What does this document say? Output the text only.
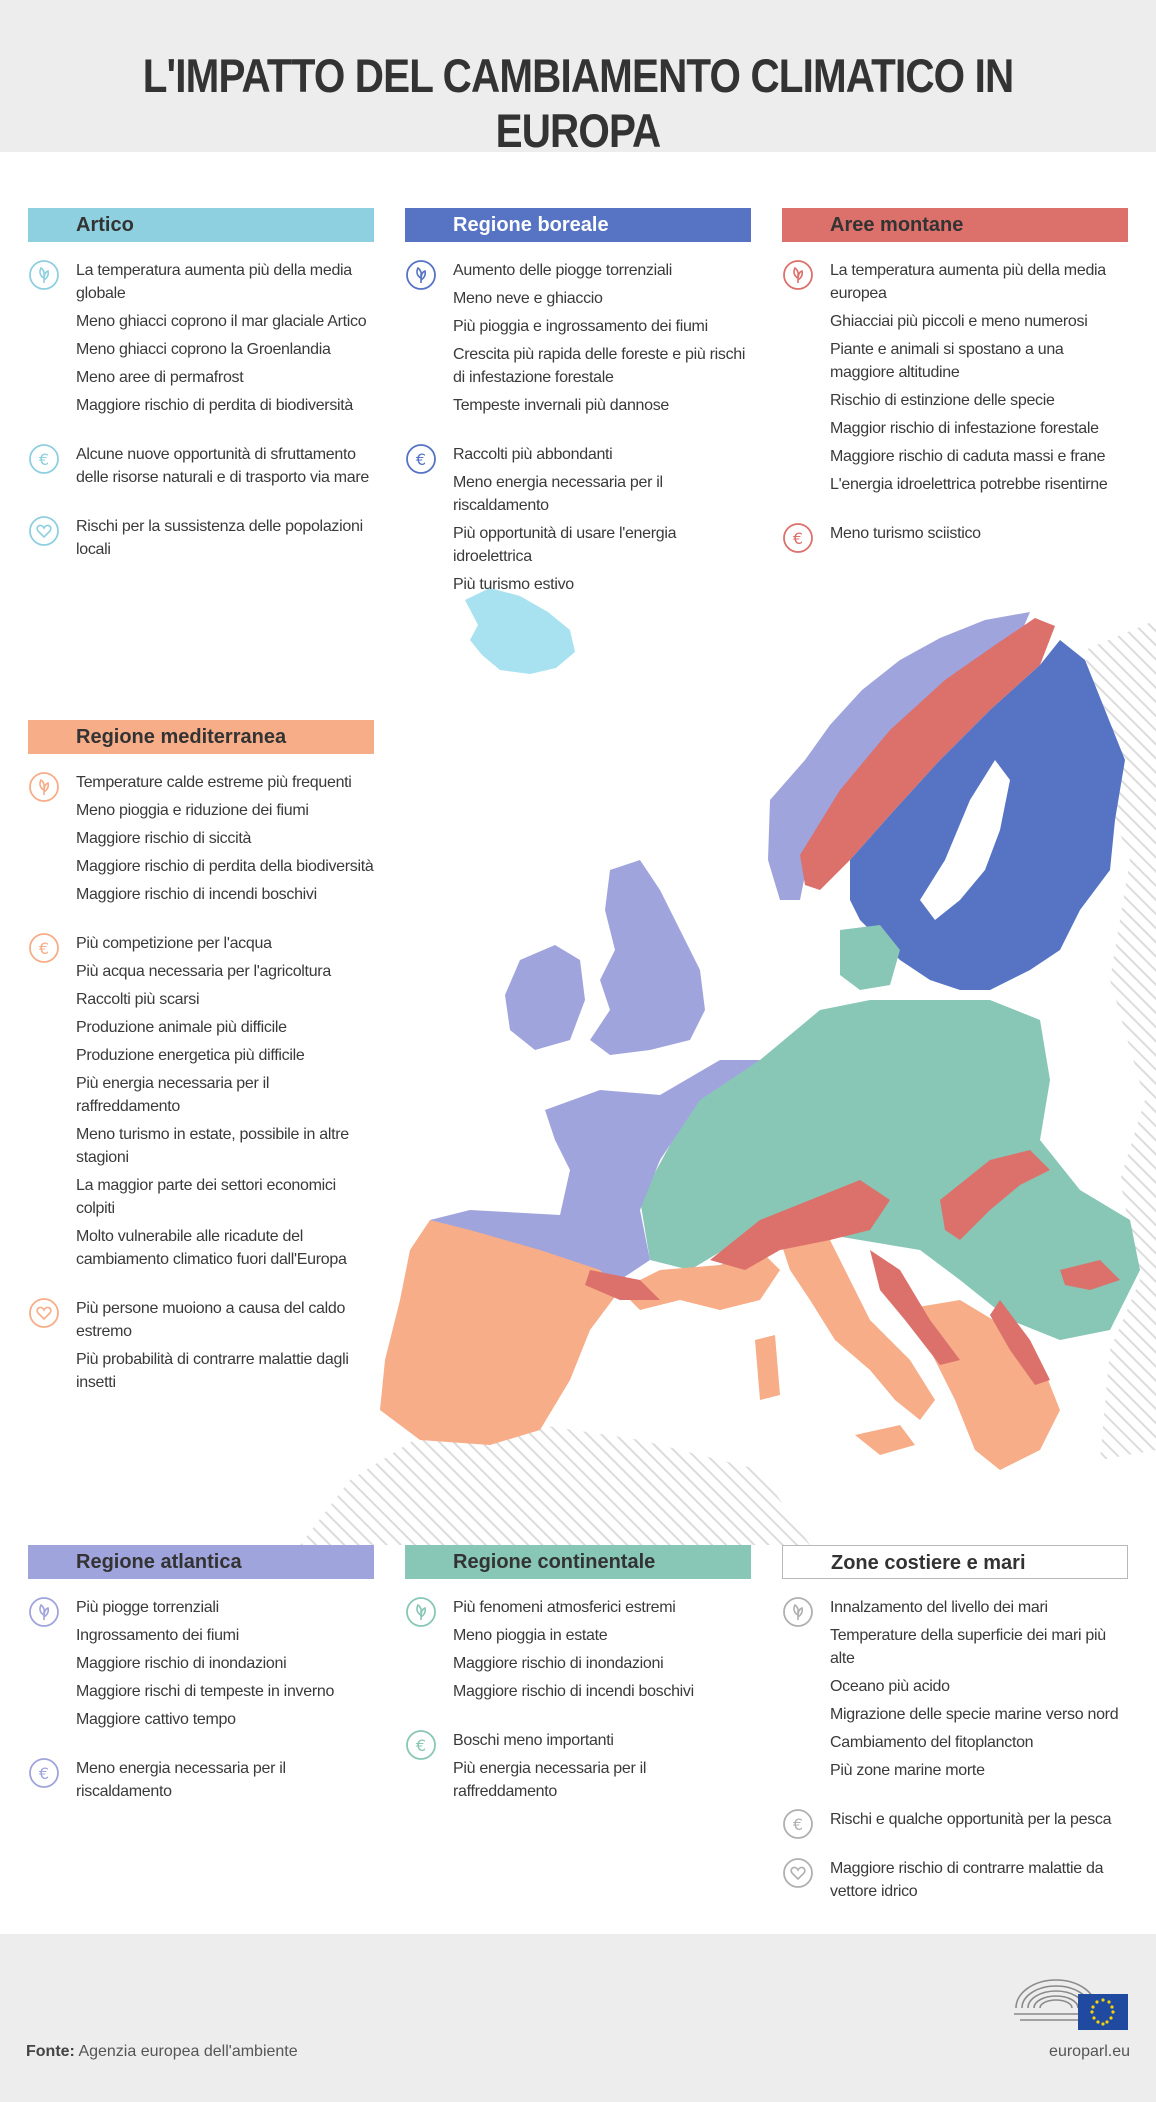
L'IMPATTO DEL CAMBIAMENTO CLIMATICO IN EUROPA
Artico
La temperatura aumenta più della media globale
Meno ghiacci coprono il mar glaciale Artico
Meno ghiacci coprono la Groenlandia
Meno aree di permafrost
Maggiore rischio di perdita di biodiversità
€ Alcune nuove opportunità di sfruttamento delle risorse naturali e di trasporto via mare
Rischi per la sussistenza delle popolazioni locali
Regione boreale
Aumento delle piogge torrenziali
Meno neve e ghiaccio
Più pioggia e ingrossamento dei fiumi
Crescita più rapida delle foreste e più rischi di infestazione forestale
Tempeste invernali più dannose
€ Raccolti più abbondanti
Meno energia necessaria per il riscaldamento
Più opportunità di usare l'energia idroelettrica
Più turismo estivo
Aree montane
La temperatura aumenta più della media europea
Ghiacciai più piccoli e meno numerosi
Piante e animali si spostano a una maggiore altitudine
Rischio di estinzione delle specie
Maggior rischio di infestazione forestale
Maggiore rischio di caduta massi e frane
L'energia idroelettrica potrebbe risentirne
€ Meno turismo sciistico
Regione mediterranea
Temperature calde estreme più frequenti
Meno pioggia e riduzione dei fiumi
Maggiore rischio di siccità
Maggiore rischio di perdita della biodiversità
Maggiore rischio di incendi boschivi
€ Più competizione per l'acqua
Più acqua necessaria per l'agricoltura
Raccolti più scarsi
Produzione animale più difficile
Produzione energetica più difficile
Più energia necessaria per il raffreddamento
Meno turismo in estate, possibile in altre stagioni
La maggior parte dei settori economici colpiti
Molto vulnerabile alle ricadute del cambiamento climatico fuori dall'Europa
Più persone muoiono a causa del caldo estremo
Più probabilità di contrarre malattie dagli insetti
Regione atlantica
Più piogge torrenziali
Ingrossamento dei fiumi
Maggiore rischio di inondazioni
Maggiore rischi di tempeste in inverno
Maggiore cattivo tempo
€ Meno energia necessaria per il riscaldamento
Regione continentale
Più fenomeni atmosferici estremi
Meno pioggia in estate
Maggiore rischio di inondazioni
Maggiore rischio di incendi boschivi
€ Boschi meno importanti
Più energia necessaria per il raffreddamento
Zone costiere e mari
Innalzamento del livello dei mari
Temperature della superficie dei mari più alte
Oceano più acido
Migrazione delle specie marine verso nord
Cambiamento del fitoplancton
Più zone marine morte
€ Rischi e qualche opportunità per la pesca
Maggiore rischio di contrarre malattie da vettore idrico
Fonte: Agenzia europea dell'ambiente	europarl.eu
